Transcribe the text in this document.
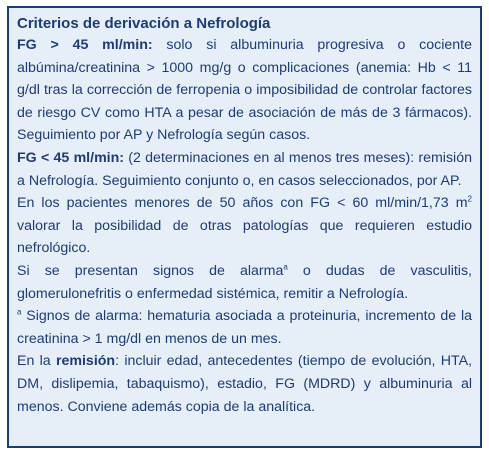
Criterios de derivación a Nefrología

FG > 45 ml/min: solo si albuminuria progresiva o cociente albúmina/creatinina > 1000 mg/g o complicaciones (anemia: Hb < 11 g/dl tras la corrección de ferropenia o imposibilidad de controlar factores de riesgo CV como HTA a pesar de asociación de más de 3 fármacos). Seguimiento por AP y Nefrología según casos.

FG < 45 ml/min: (2 determinaciones en al menos tres meses): remisión a Nefrología. Seguimiento conjunto o, en casos seleccionados, por AP.

En los pacientes menores de 50 años con FG < 60 ml/min/1,73 $m^2$ valorar la posibilidad de otras patologías que requieren estudio nefrológico.

Si se presentan signos de alarma$^a$ o dudas de vasculitis, glomerulonefritis o enfermedad sistémica, remitir a Nefrología.

$^a$ Signos de alarma: hematuria asociada a proteinuria, incremento de la creatinina > 1 mg/dl en menos de un mes.

En la remisión: incluir edad, antecedentes (tiempo de evolución, HTA, DM, dislipemia, tabaquismo), estadio, FG (MDRD) y albuminuria al menos. Conviene además copia de la analítica.
